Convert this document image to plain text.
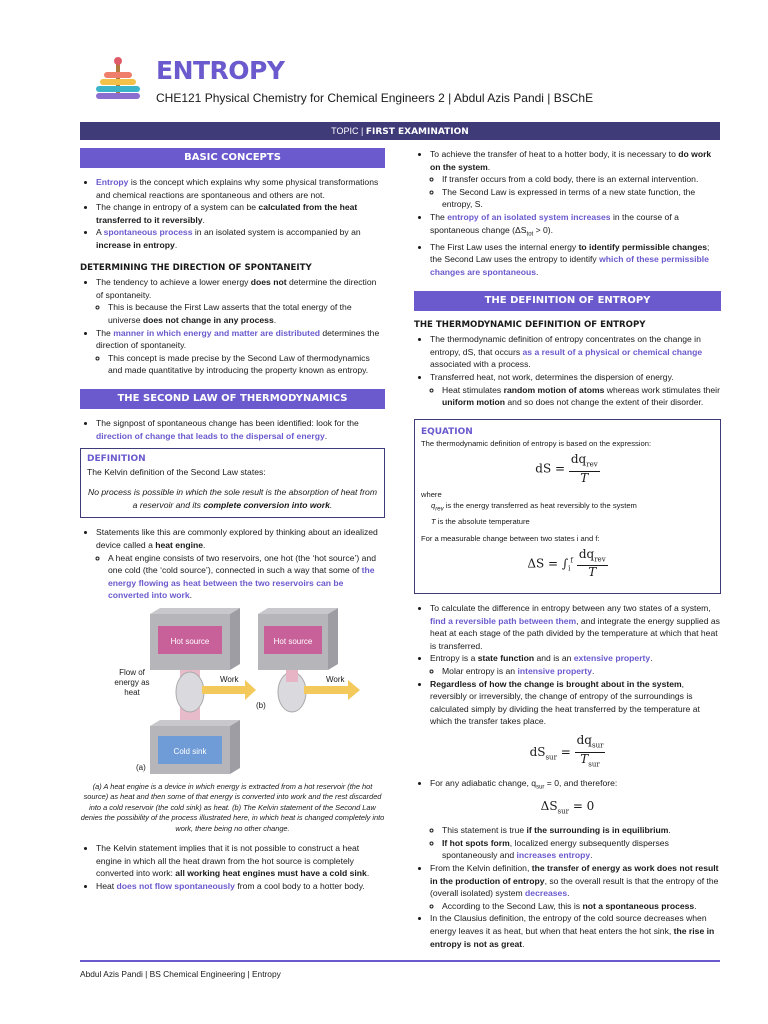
ENTROPY
CHE121 Physical Chemistry for Chemical Engineers 2 | Abdul Azis Pandi | BSChE
TOPIC | FIRST EXAMINATION
BASIC CONCEPTS
• Entropy is the concept which explains why some physical transformations and chemical reactions are spontaneous and others are not.
• The change in entropy of a system can be calculated from the heat transferred to it reversibly.
• A spontaneous process in an isolated system is accompanied by an increase in entropy.
DETERMINING THE DIRECTION OF SPONTANEITY
• The tendency to achieve a lower energy does not determine the direction of spontaneity.
◦ This is because the First Law asserts that the total energy of the universe does not change in any process.
• The manner in which energy and matter are distributed determines the direction of spontaneity.
◦ This concept is made precise by the Second Law of thermodynamics and made quantitative by introducing the property known as entropy.
THE SECOND LAW OF THERMODYNAMICS
• The signpost of spontaneous change has been identified: look for the direction of change that leads to the dispersal of energy.
DEFINITION
The Kelvin definition of the Second Law states:
No process is possible in which the sole result is the absorption of heat from a reservoir and its complete conversion into work.
• Statements like this are commonly explored by thinking about an idealized device called a heat engine.
◦ A heat engine consists of two reservoirs, one hot (the ‘hot source’) and one cold (the ‘cold source’), connected in such a way that some of the energy flowing as heat between the two reservoirs can be converted into work.
Hot source	Hot source
Cold sink
Work	Work
(a)
(b)
Flow of energy as heat
(a) A heat engine is a device in which energy is extracted from a hot reservoir (the hot source) as heat and then some of that energy is converted into work and the rest discarded into a cold reservoir (the cold sink) as heat. (b) The Kelvin statement of the Second Law denies the possibility of the process illustrated here, in which heat is changed completely into work, there being no other change.
• The Kelvin statement implies that it is not possible to construct a heat engine in which all the heat drawn from the hot source is completely converted into work: all working heat engines must have a cold sink.
• Heat does not flow spontaneously from a cool body to a hotter body.
• To achieve the transfer of heat to a hotter body, it is necessary to do work on the system.
◦ If transfer occurs from a cold body, there is an external intervention.
◦ The Second Law is expressed in terms of a new state function, the entropy, S.
• The entropy of an isolated system increases in the course of a spontaneous change $(\Delta S_{tot} > 0)$.
• The First Law uses the internal energy to identify permissible changes; the Second Law uses the entropy to identify which of these permissible changes are spontaneous.
THE DEFINITION OF ENTROPY
THE THERMODYNAMIC DEFINITION OF ENTROPY
• The thermodynamic definition of entropy concentrates on the change in entropy, dS, that occurs as a result of a physical or chemical change associated with a process.
• Transferred heat, not work, determines the dispersion of energy.
◦ Heat stimulates random motion of atoms whereas work stimulates their uniform motion and so does not change the extent of their disorder.
EQUATION
The thermodynamic definition of entropy is based on the expression:
dS = $\frac{dq_{rev}}{T}$
where
$q_{rev}$ is the energy transferred as heat reversibly to the system
T is the absolute temperature
For a measurable change between two states i and f:
$\Delta S = \int_i^f \frac{dq_{rev}}{T}$
• To calculate the difference in entropy between any two states of a system, find a reversible path between them, and integrate the energy supplied as heat at each stage of the path divided by the temperature at which that heat is transferred.
• Entropy is a state function and is an extensive property.
◦ Molar entropy is an intensive property.
• Regardless of how the change is brought about in the system, reversibly or irreversibly, the change of entropy of the surroundings is calculated simply by dividing the heat transferred by the temperature at which the transfer takes place.
$dS_{sur} = \frac{dq_{sur}}{T_{sur}}$
• For any adiabatic change, $q_{sur} = 0$, and therefore:
$\Delta S_{sur} = 0$
◦ This statement is true if the surrounding is in equilibrium.
◦ If hot spots form, localized energy subsequently disperses spontaneously and increases entropy.
• From the Kelvin definition, the transfer of energy as work does not result in the production of entropy, so the overall result is that the entropy of the (overall isolated) system decreases.
◦ According to the Second Law, this is not a spontaneous process.
• In the Clausius definition, the entropy of the cold source decreases when energy leaves it as heat, but when that heat enters the hot sink, the rise in entropy is not as great.
Abdul Azis Pandi | BS Chemical Engineering | Entropy
